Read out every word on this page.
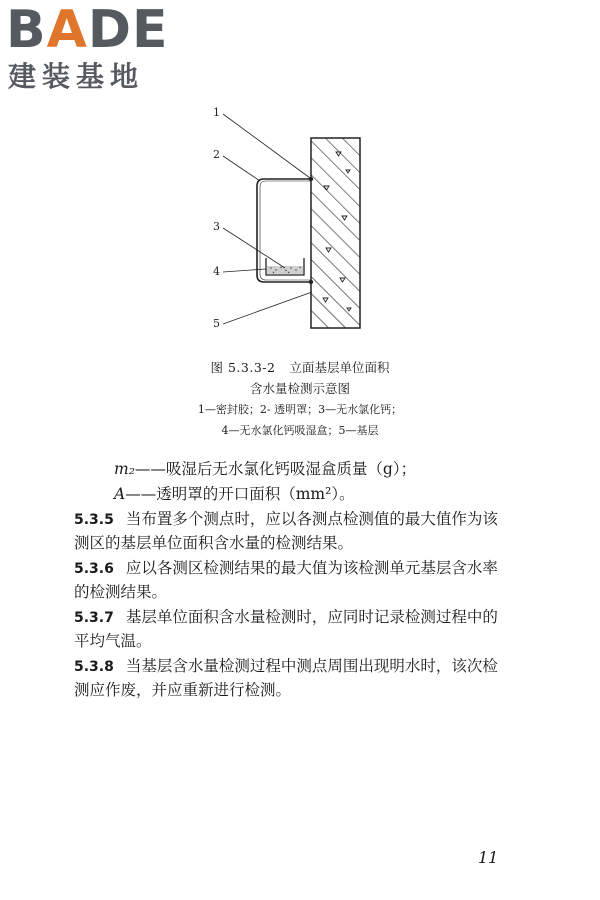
BADE
建装基地
1
2
3
4
5
图 5.3.3-2 立面基层单位面积
含水量检测示意图
1—密封胶；2- 透明罩；3—无水氯化钙；
4—无水氯化钙吸湿盒；5—基层
m₂——吸湿后无水氯化钙吸湿盒质量（g）；
A——透明罩的开口面积（mm²）。
5.3.5 当布置多个测点时，应以各测点检测值的最大值作为该
测区的基层单位面积含水量的检测结果。
5.3.6 应以各测区检测结果的最大值为该检测单元基层含水率
的检测结果。
5.3.7 基层单位面积含水量检测时，应同时记录检测过程中的
平均气温。
5.3.8 当基层含水量检测过程中测点周围出现明水时，该次检
测应作废，并应重新进行检测。
11
